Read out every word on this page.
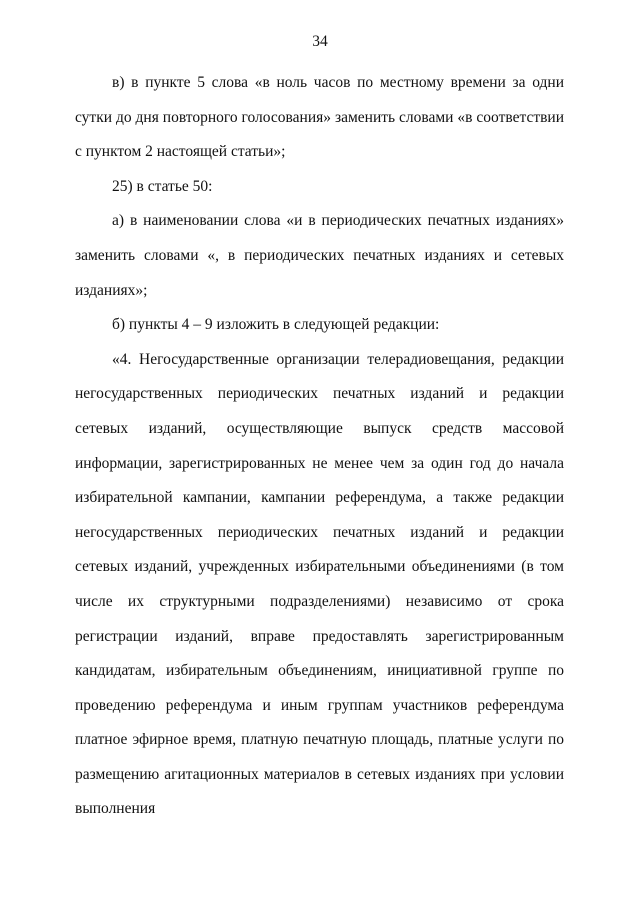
34

в) в пункте 5 слова «в ноль часов по местному времени за одни сутки до дня повторного голосования» заменить словами «в соответствии с пунктом 2 настоящей статьи»;

25) в статье 50:

а) в наименовании слова «и в периодических печатных изданиях» заменить словами «, в периодических печатных изданиях и сетевых изданиях»;

б) пункты 4 – 9 изложить в следующей редакции:

«4. Негосударственные организации телерадиовещания, редакции негосударственных периодических печатных изданий и редакции сетевых изданий, осуществляющие выпуск средств массовой информации, зарегистрированных не менее чем за один год до начала избирательной кампании, кампании референдума, а также редакции негосударственных периодических печатных изданий и редакции сетевых изданий, учрежденных избирательными объединениями (в том числе их структурными подразделениями) независимо от срока регистрации изданий, вправе предоставлять зарегистрированным кандидатам, избирательным объединениям, инициативной группе по проведению референдума и иным группам участников референдума платное эфирное время, платную печатную площадь, платные услуги по размещению агитационных материалов в сетевых изданиях при условии выполнения
